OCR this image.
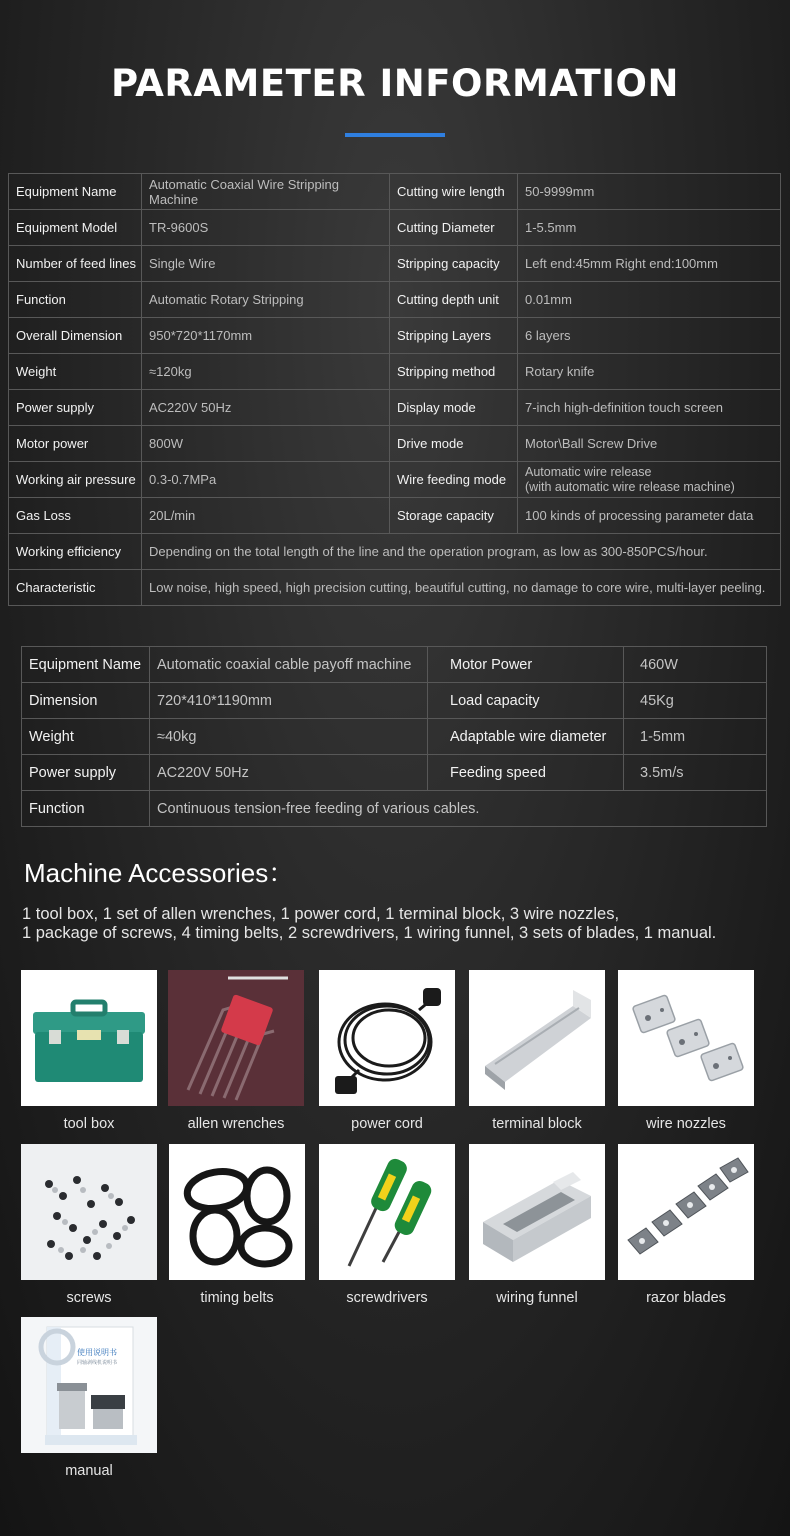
PARAMETER INFORMATION
Equipment Name	Automatic Coaxial Wire Stripping Machine	Cutting wire length	50-9999mm
Equipment Model	TR-9600S	Cutting Diameter	1-5.5mm
Number of feed lines	Single Wire	Stripping capacity	Left end:45mm Right end:100mm
Function	Automatic Rotary Stripping	Cutting depth unit	0.01mm
Overall Dimension	950*720*1170mm	Stripping Layers	6 layers
Weight	≈120kg	Stripping method	Rotary knife
Power supply	AC220V 50Hz	Display mode	7-inch high-definition touch screen
Motor power	800W	Drive mode	Motor\Ball Screw Drive
Working air pressure	0.3-0.7MPa	Wire feeding mode	Automatic wire release
(with automatic wire release machine)

Gas Loss	20L/min	Storage capacity	100 kinds of processing parameter data
Working efficiency	Depending on the total length of the line and the operation program, as low as 300-850PCS/hour.		
Characteristic	Low noise, high speed, high precision cutting, beautiful cutting, no damage to core wire, multi-layer peeling.		
Equipment Name	Automatic coaxial cable payoff machine	Motor Power	460W
Dimension	720*410*1190mm	Load capacity	45Kg
Weight	≈40kg	Adaptable wire diameter	1-5mm
Power supply	AC220V 50Hz	Feeding speed	3.5m/s
Function	Continuous tension-free feeding of various cables.		
Machine Accessories：
1 tool box, 1 set of allen wrenches, 1 power cord, 1 terminal block, 3 wire nozzles,
1 package of screws, 4 timing belts, 2 screwdrivers, 1 wiring funnel, 3 sets of blades, 1 manual.
tool box	allen wrenches	power cord	terminal block	wire nozzles
screws	timing belts	screwdrivers	wiring funnel	razor blades
使用说明书
同轴剥线机说明书
manual
